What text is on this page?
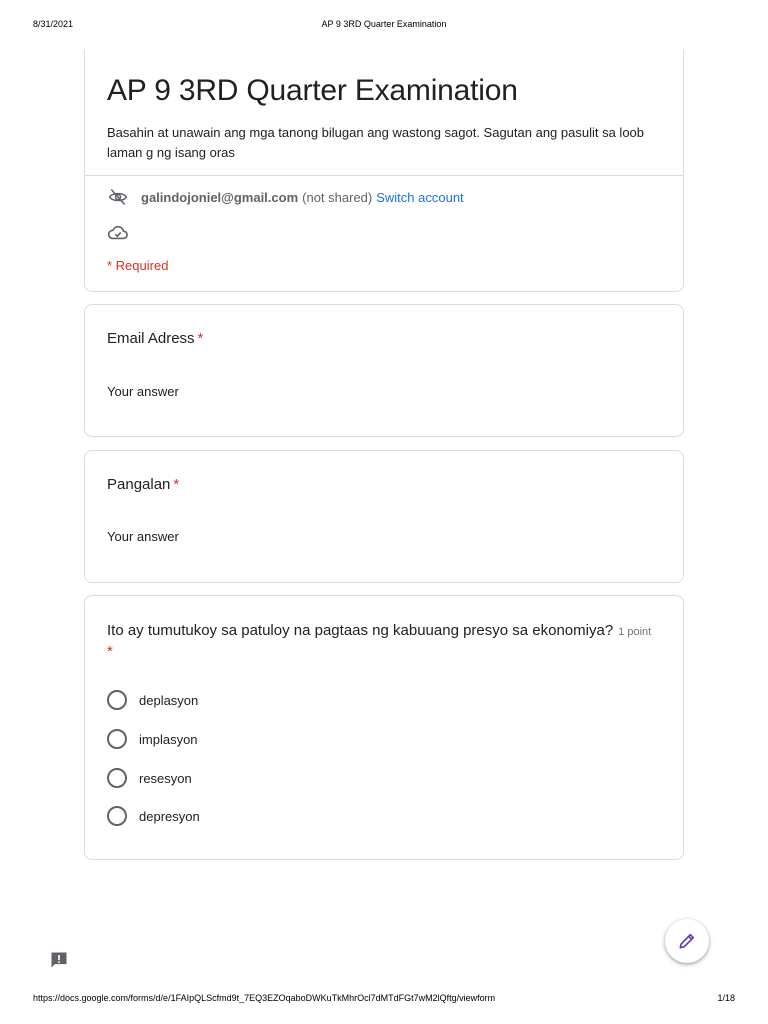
8/31/2021	AP 9 3RD Quarter Examination
AP 9 3RD Quarter Examination
Basahin at unawain ang mga tanong bilugan ang wastong sagot. Sagutan ang pasulit sa loob laman g ng isang oras
galindojoniel@gmail.com (not shared) Switch account
* Required
Email Adress *
Your answer
Pangalan *
Your answer
Ito ay tumutukoy sa patuloy na pagtaas ng kabuuang presyo sa ekonomiya? 1 point
*
deplasyon
implasyon
resesyon
depresyon
https://docs.google.com/forms/d/e/1FAIpQLScfmd9t_7EQ3EZOqaboDWKuTkMhrOcl7dMTdFGt7wM2lQftg/viewform	1/18
